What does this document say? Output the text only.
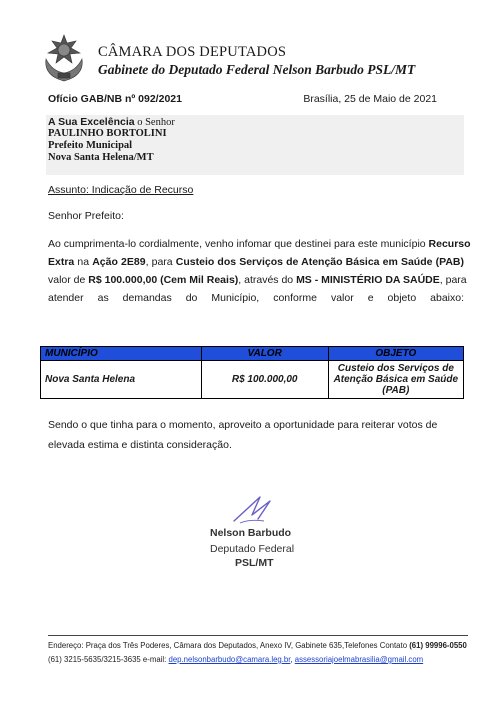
CÂMARA DOS DEPUTADOS
Gabinete do Deputado Federal Nelson Barbudo PSL/MT
Ofício GAB/NB nº 092/2021	Brasília, 25 de Maio de 2021
A Sua Excelência o Senhor
PAULINHO BORTOLINI
Prefeito Municipal
Nova Santa Helena/MT
Assunto: Indicação de Recurso
Senhor Prefeito:
Ao cumprimenta-lo cordialmente, venho infomar que destinei para este município Recurso
Extra na Ação 2E89, para Custeio dos Serviços de Atenção Básica em Saúde (PAB)
valor de R$ 100.000,00 (Cem Mil Reais), através do MS - MINISTÉRIO DA SAÚDE, para
atender as demandas do Município, conforme valor e objeto abaixo:
MUNICÍPIO	VALOR	OBJETO
Nova Santa Helena	R$ 100.000,00	Custeio dos Serviços de Atenção Básica em Saúde (PAB)
Sendo o que tinha para o momento, aproveito a oportunidade para reiterar votos de elevada estima e distinta consideração.
Nelson Barbudo
Deputado Federal
PSL/MT
Endereço: Praça dos Três Poderes, Câmara dos Deputados, Anexo IV, Gabinete 635,Telefones Contato (61) 99996-0550
(61) 3215-5635/3215-3635 e-mail: dep.nelsonbarbudo@camara.leg.br, assessoriajoelmabrasilia@gmail.com
